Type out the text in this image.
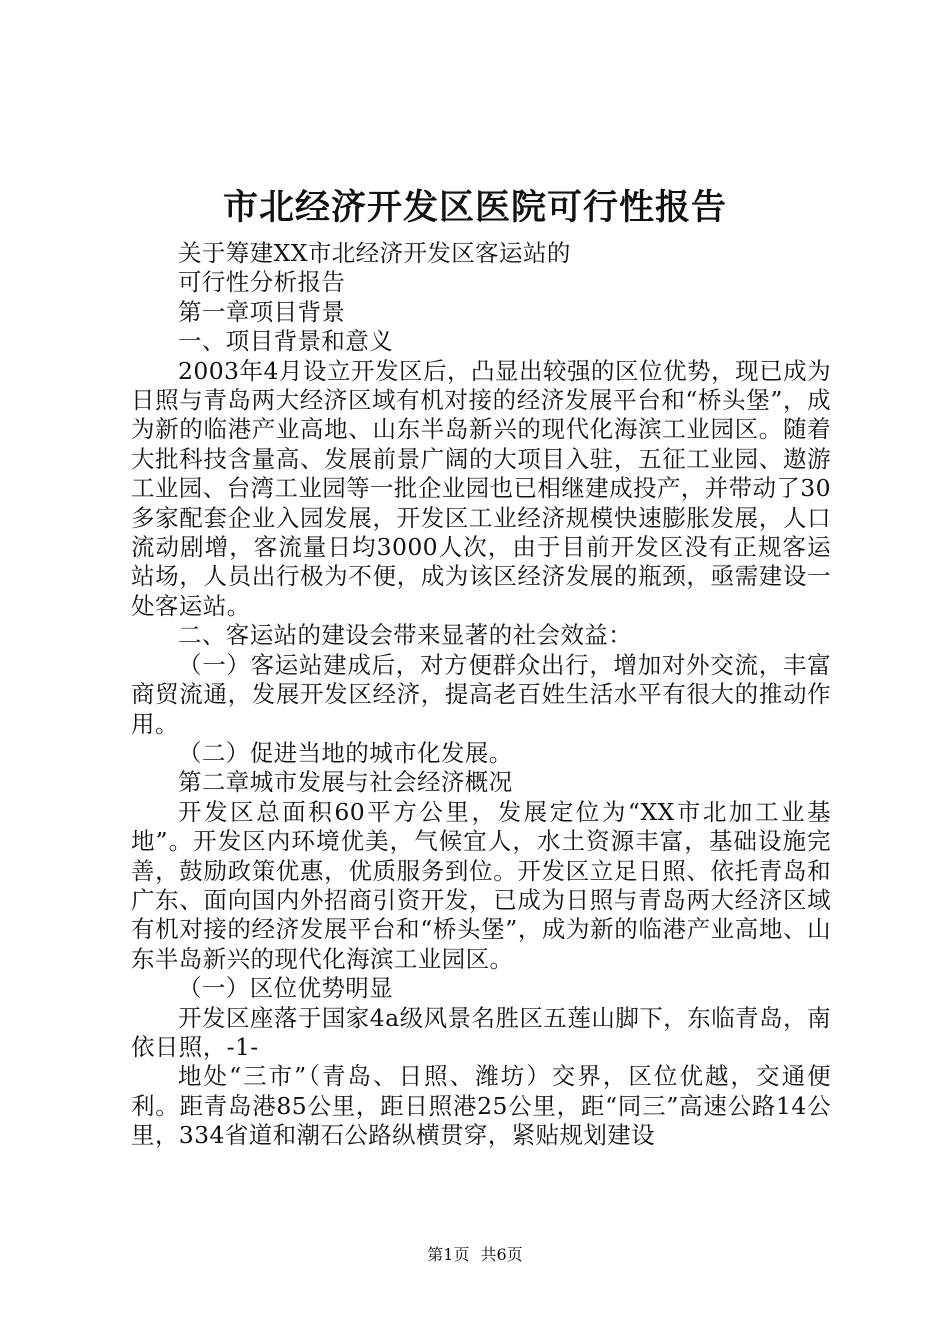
市北经济开发区医院可行性报告

关于筹建XX市北经济开发区客运站的

可行性分析报告

第一章项目背景

一、项目背景和意义

2003年4月设立开发区后，凸显出较强的区位优势，现已成为日照与青岛两大经济区域有机对接的经济发展平台和“桥头堡”，成为新的临港产业高地、山东半岛新兴的现代化海滨工业园区。随着大批科技含量高、发展前景广阔的大项目入驻，五征工业园、遨游工业园、台湾工业园等一批企业园也已相继建成投产，并带动了30多家配套企业入园发展，开发区工业经济规模快速膨胀发展，人口流动剧增，客流量日均3000人次，由于目前开发区没有正规客运站场，人员出行极为不便，成为该区经济发展的瓶颈，亟需建设一处客运站。

二、客运站的建设会带来显著的社会效益：

（一）客运站建成后，对方便群众出行，增加对外交流，丰富商贸流通，发展开发区经济，提高老百姓生活水平有很大的推动作用。

（二）促进当地的城市化发展。

第二章城市发展与社会经济概况

开发区总面积60平方公里，发展定位为“XX市北加工业基地”。开发区内环境优美，气候宜人，水土资源丰富，基础设施完善，鼓励政策优惠，优质服务到位。开发区立足日照、依托青岛和广东、面向国内外招商引资开发，已成为日照与青岛两大经济区域有机对接的经济发展平台和“桥头堡”，成为新的临港产业高地、山东半岛新兴的现代化海滨工业园区。

（一）区位优势明显

开发区座落于国家4a级风景名胜区五莲山脚下，东临青岛，南依日照，-1-

地处“三市”（青岛、日照、潍坊）交界，区位优越，交通便利。距青岛港85公里，距日照港25公里，距“同三”高速公路14公里，334省道和潮石公路纵横贯穿，紧贴规划建设

第1页 共6页
